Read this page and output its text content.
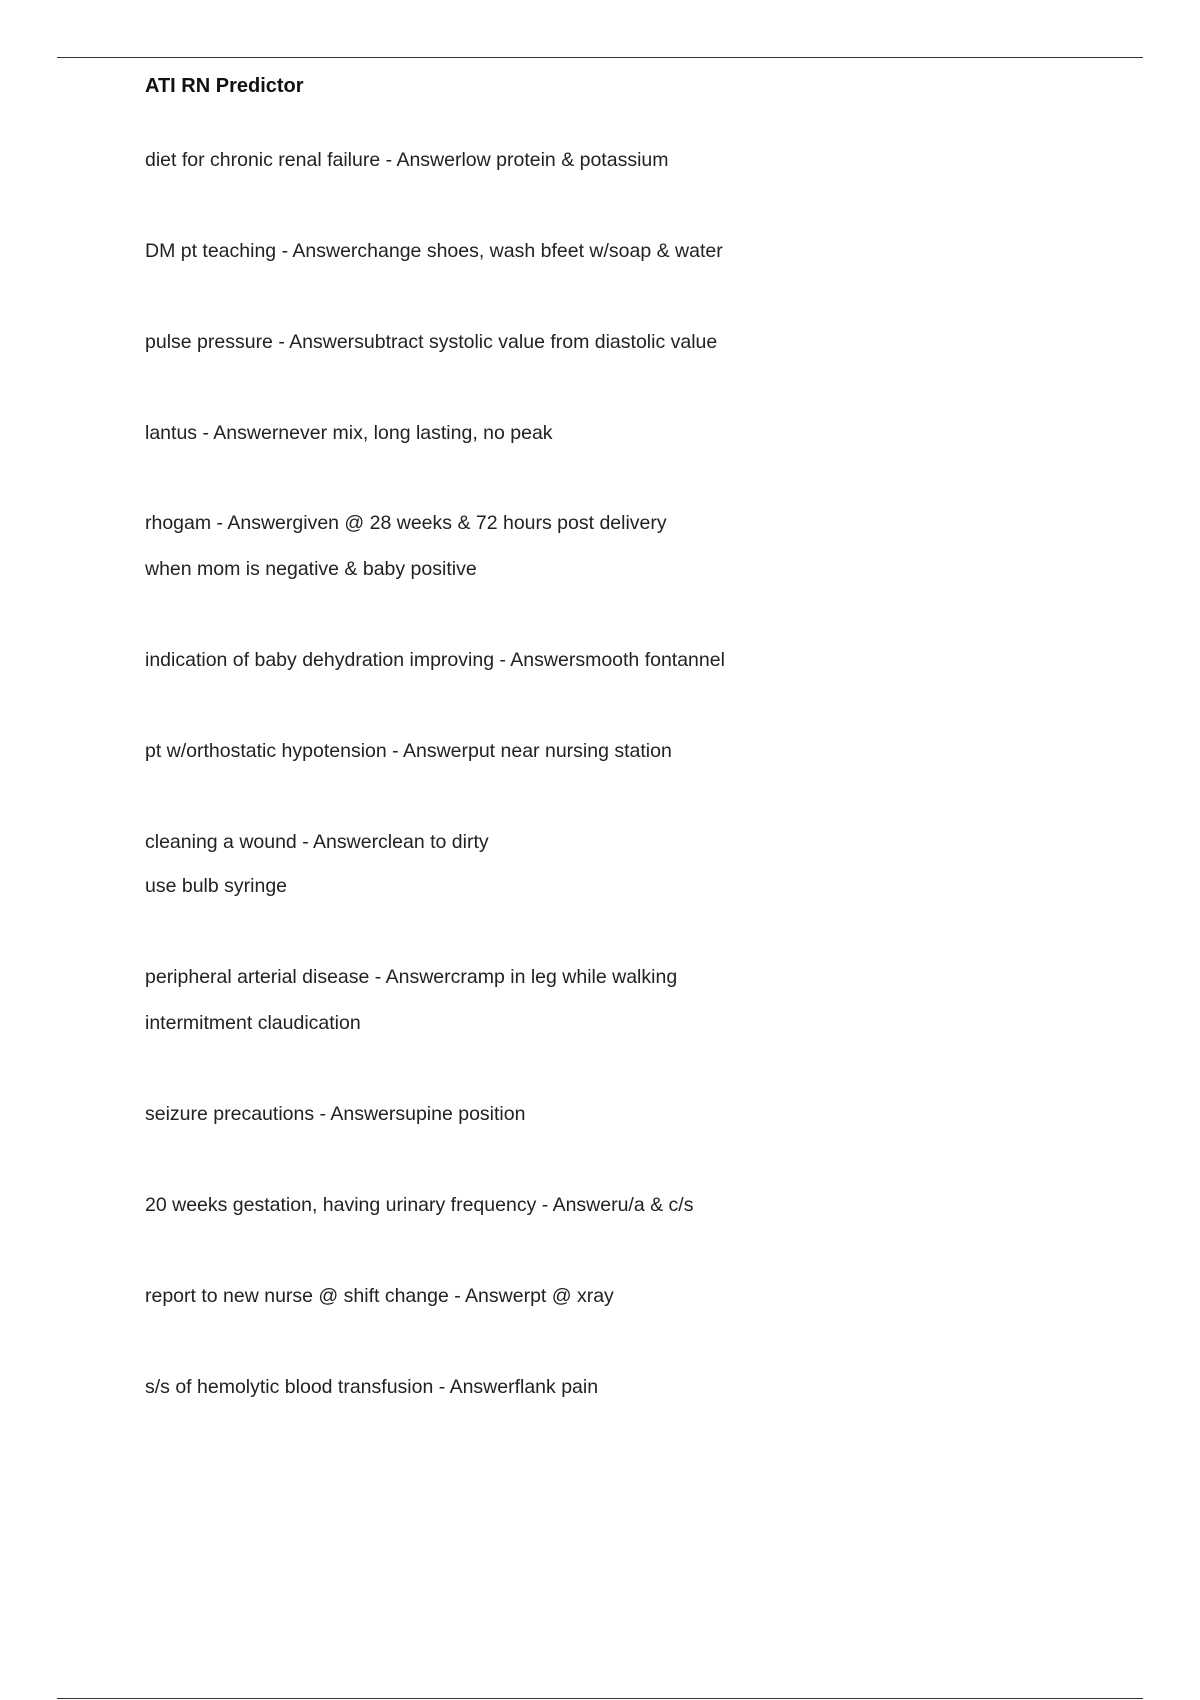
ATI RN Predictor

diet for chronic renal failure - Answerlow protein & potassium

DM pt teaching - Answerchange shoes, wash bfeet w/soap & water

pulse pressure - Answersubtract systolic value from diastolic value

lantus - Answernever mix, long lasting, no peak

rhogam - Answergiven @ 28 weeks & 72 hours post delivery

when mom is negative & baby positive

indication of baby dehydration improving - Answersmooth fontannel

pt w/orthostatic hypotension - Answerput near nursing station

cleaning a wound - Answerclean to dirty

use bulb syringe

peripheral arterial disease - Answercramp in leg while walking

intermitment claudication

seizure precautions - Answersupine position

20 weeks gestation, having urinary frequency - Answeru/a & c/s

report to new nurse @ shift change - Answerpt @ xray

s/s of hemolytic blood transfusion - Answerflank pain
